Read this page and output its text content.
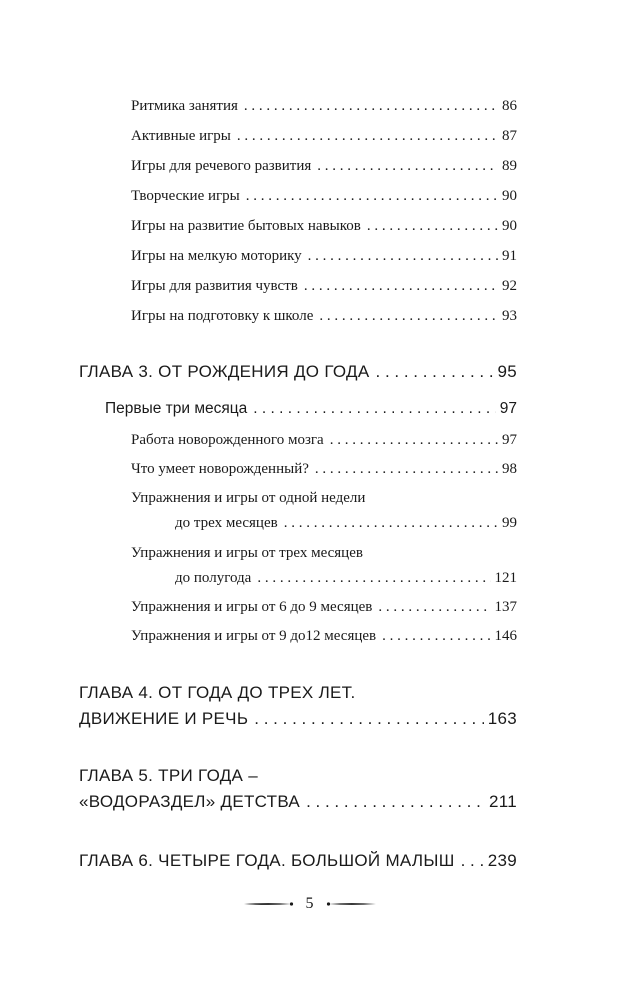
Ритмика занятия . . .	86
Активные игры . . .	87
Игры для речевого развития . . .	89
Творческие игры . . .	90
Игры на развитие бытовых навыков . . .	90
Игры на мелкую моторику . . .	91
Игры для развития чувств . . .	92
Игры на подготовку к школе . . .	93
ГЛАВА 3. ОТ РОЖДЕНИЯ ДО ГОДА . . .	95
Первые три месяца . . .	97
Работа новорожденного мозга . . .	97
Что умеет новорожденный? . . .	98
Упражнения и игры от одной недели
до трех месяцев . . .	99
Упражнения и игры от трех месяцев
до полугода . . .	121
Упражнения и игры от 6 до 9 месяцев . . .	137
Упражнения и игры от 9 до12 месяцев . . .	146
ГЛАВА 4. ОТ ГОДА ДО ТРЕХ ЛЕТ.
ДВИЖЕНИЕ И РЕЧЬ . . .	163
ГЛАВА 5. ТРИ ГОДА –
«ВОДОРАЗДЕЛ» ДЕТСТВА . . .	211
ГЛАВА 6. ЧЕТЫРЕ ГОДА. БОЛЬШОЙ МАЛЫШ . . . 239
5
